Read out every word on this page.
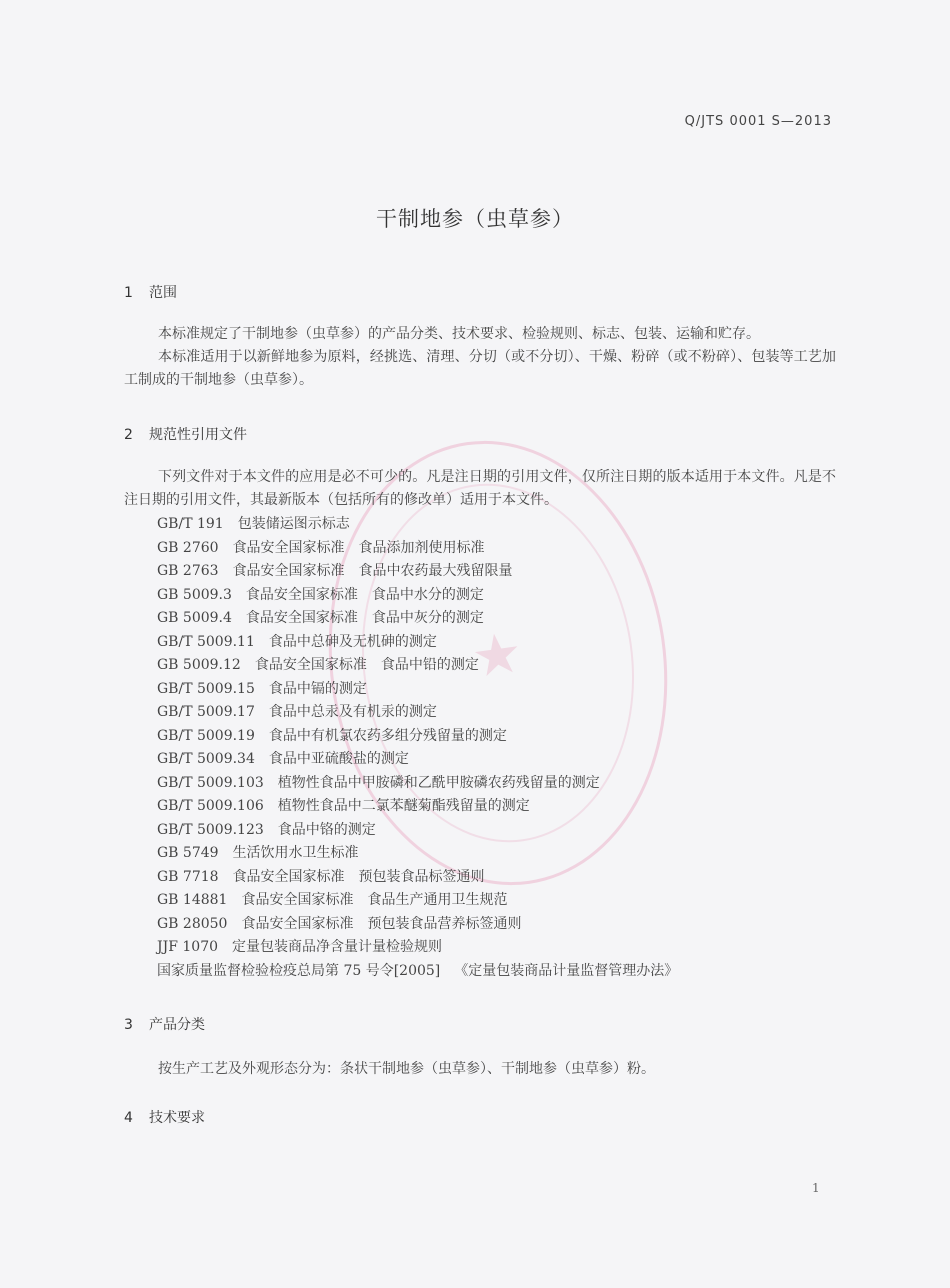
★
Q/JTS 0001 S—2013
干制地参（虫草参）
1 范围
本标准规定了干制地参（虫草参）的产品分类、技术要求、检验规则、标志、包装、运输和贮存。
本标准适用于以新鲜地参为原料，经挑选、清理、分切（或不分切）、干燥、粉碎（或不粉碎）、包装等工艺加工制成的干制地参（虫草参）。
2 规范性引用文件
下列文件对于本文件的应用是必不可少的。凡是注日期的引用文件，仅所注日期的版本适用于本文件。凡是不注日期的引用文件，其最新版本（包括所有的修改单）适用于本文件。
GB/T 191 包装储运图示标志
GB 2760 食品安全国家标准　食品添加剂使用标准
GB 2763 食品安全国家标准　食品中农药最大残留限量
GB 5009.3 食品安全国家标准　食品中水分的测定
GB 5009.4 食品安全国家标准　食品中灰分的测定
GB/T 5009.11 食品中总砷及无机砷的测定
GB 5009.12 食品安全国家标准　食品中铅的测定
GB/T 5009.15 食品中镉的测定
GB/T 5009.17 食品中总汞及有机汞的测定
GB/T 5009.19 食品中有机氯农药多组分残留量的测定
GB/T 5009.34 食品中亚硫酸盐的测定
GB/T 5009.103 植物性食品中甲胺磷和乙酰甲胺磷农药残留量的测定
GB/T 5009.106 植物性食品中二氯苯醚菊酯残留量的测定
GB/T 5009.123 食品中铬的测定
GB 5749 生活饮用水卫生标准
GB 7718 食品安全国家标准　预包装食品标签通则
GB 14881 食品安全国家标准　食品生产通用卫生规范
GB 28050 食品安全国家标准　预包装食品营养标签通则
JJF 1070 定量包装商品净含量计量检验规则
国家质量监督检验检疫总局第 75 号令[2005] 《定量包装商品计量监督管理办法》
3 产品分类
按生产工艺及外观形态分为：条状干制地参（虫草参）、干制地参（虫草参）粉。
4 技术要求
1
